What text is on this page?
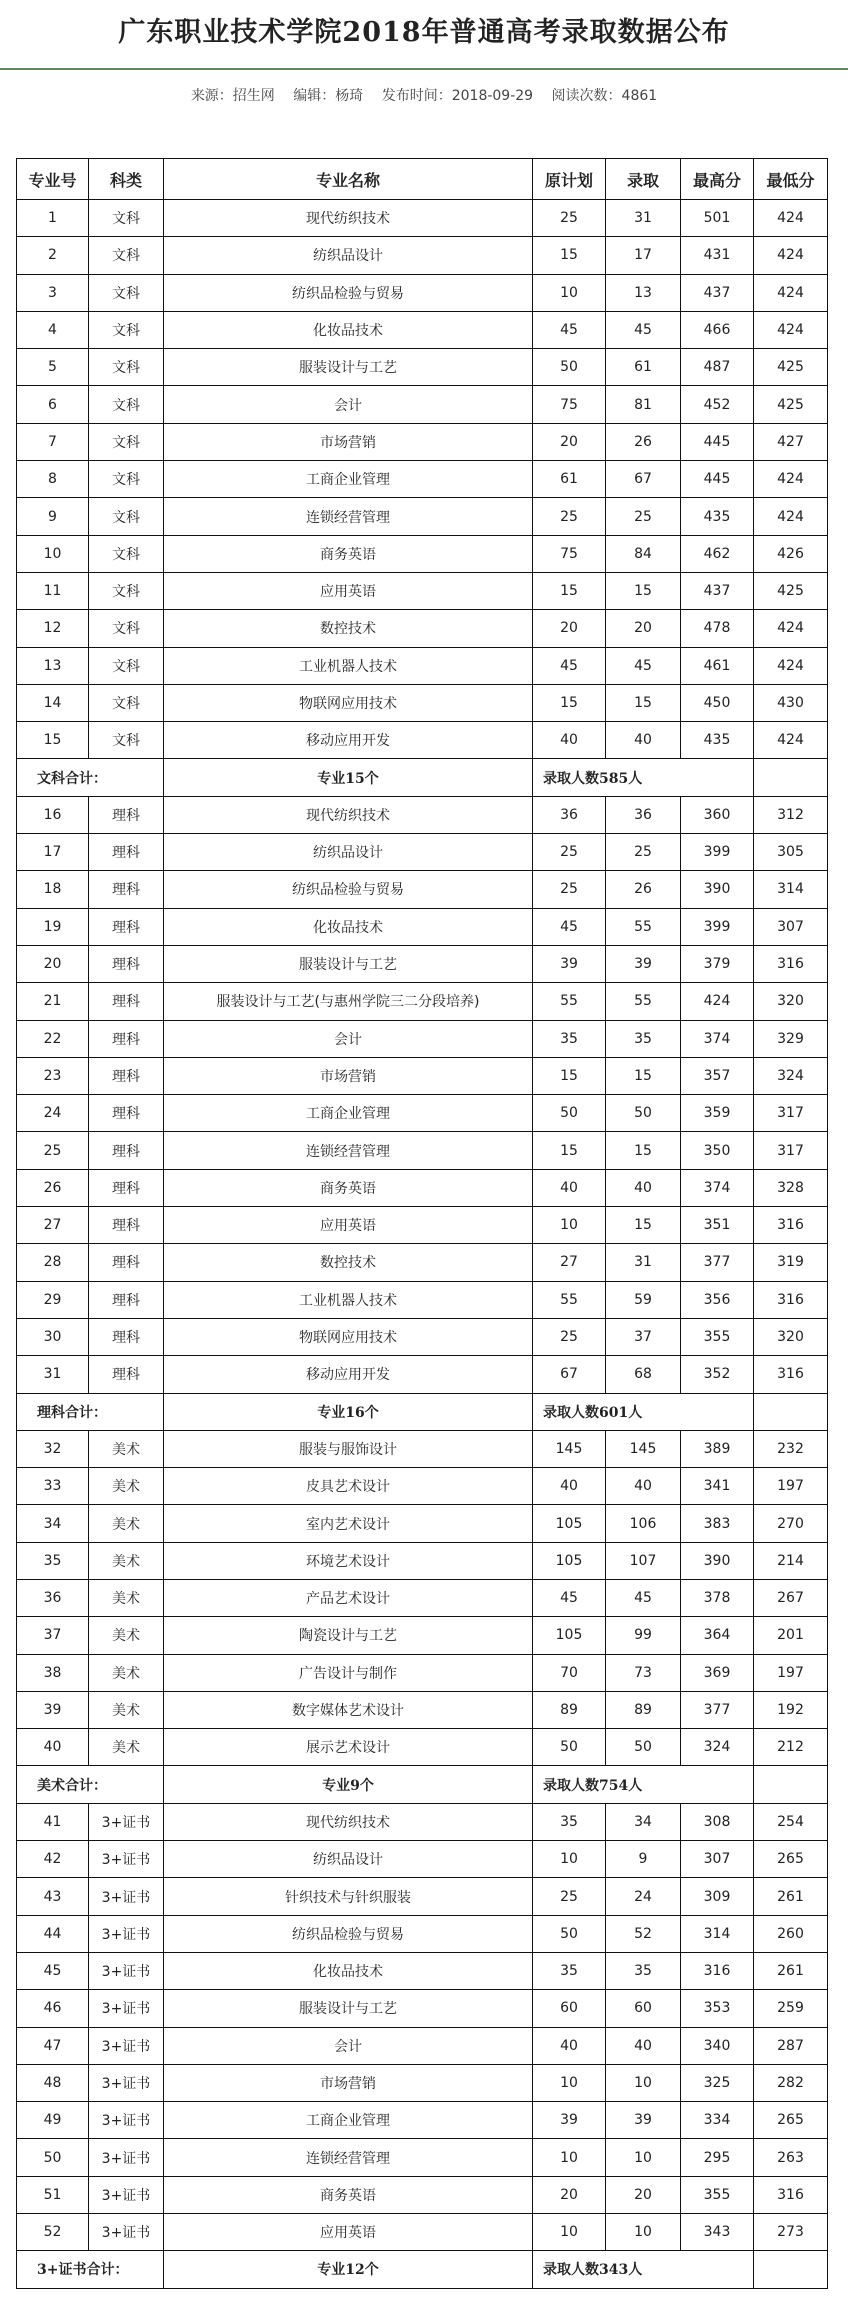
广东职业技术学院2018年普通高考录取数据公布
来源：招生网 编辑：杨琦 发布时间：2018-09-29 阅读次数：4861
专业号	科类	专业名称	原计划	录取	最高分	最低分
1	文科	现代纺织技术	25	31	501	424
2	文科	纺织品设计	15	17	431	424
3	文科	纺织品检验与贸易	10	13	437	424
4	文科	化妆品技术	45	45	466	424
5	文科	服装设计与工艺	50	61	487	425
6	文科	会计	75	81	452	425
7	文科	市场营销	20	26	445	427
8	文科	工商企业管理	61	67	445	424
9	文科	连锁经营管理	25	25	435	424
10	文科	商务英语	75	84	462	426
11	文科	应用英语	15	15	437	425
12	文科	数控技术	20	20	478	424
13	文科	工业机器人技术	45	45	461	424
14	文科	物联网应用技术	15	15	450	430
15	文科	移动应用开发	40	40	435	424
文科合计：		专业15个	录取人数585人			
16	理科	现代纺织技术	36	36	360	312
17	理科	纺织品设计	25	25	399	305
18	理科	纺织品检验与贸易	25	26	390	314
19	理科	化妆品技术	45	55	399	307
20	理科	服装设计与工艺	39	39	379	316
21	理科	服装设计与工艺(与惠州学院三二分段培养)	55	55	424	320
22	理科	会计	35	35	374	329
23	理科	市场营销	15	15	357	324
24	理科	工商企业管理	50	50	359	317
25	理科	连锁经营管理	15	15	350	317
26	理科	商务英语	40	40	374	328
27	理科	应用英语	10	15	351	316
28	理科	数控技术	27	31	377	319
29	理科	工业机器人技术	55	59	356	316
30	理科	物联网应用技术	25	37	355	320
31	理科	移动应用开发	67	68	352	316
理科合计：		专业16个	录取人数601人			
32	美术	服装与服饰设计	145	145	389	232
33	美术	皮具艺术设计	40	40	341	197
34	美术	室内艺术设计	105	106	383	270
35	美术	环境艺术设计	105	107	390	214
36	美术	产品艺术设计	45	45	378	267
37	美术	陶瓷设计与工艺	105	99	364	201
38	美术	广告设计与制作	70	73	369	197
39	美术	数字媒体艺术设计	89	89	377	192
40	美术	展示艺术设计	50	50	324	212
美术合计：		专业9个	录取人数754人			
41	3+证书	现代纺织技术	35	34	308	254
42	3+证书	纺织品设计	10	9	307	265
43	3+证书	针织技术与针织服装	25	24	309	261
44	3+证书	纺织品检验与贸易	50	52	314	260
45	3+证书	化妆品技术	35	35	316	261
46	3+证书	服装设计与工艺	60	60	353	259
47	3+证书	会计	40	40	340	287
48	3+证书	市场营销	10	10	325	282
49	3+证书	工商企业管理	39	39	334	265
50	3+证书	连锁经营管理	10	10	295	263
51	3+证书	商务英语	20	20	355	316
52	3+证书	应用英语	10	10	343	273
3+证书合计：		专业12个	录取人数343人			
